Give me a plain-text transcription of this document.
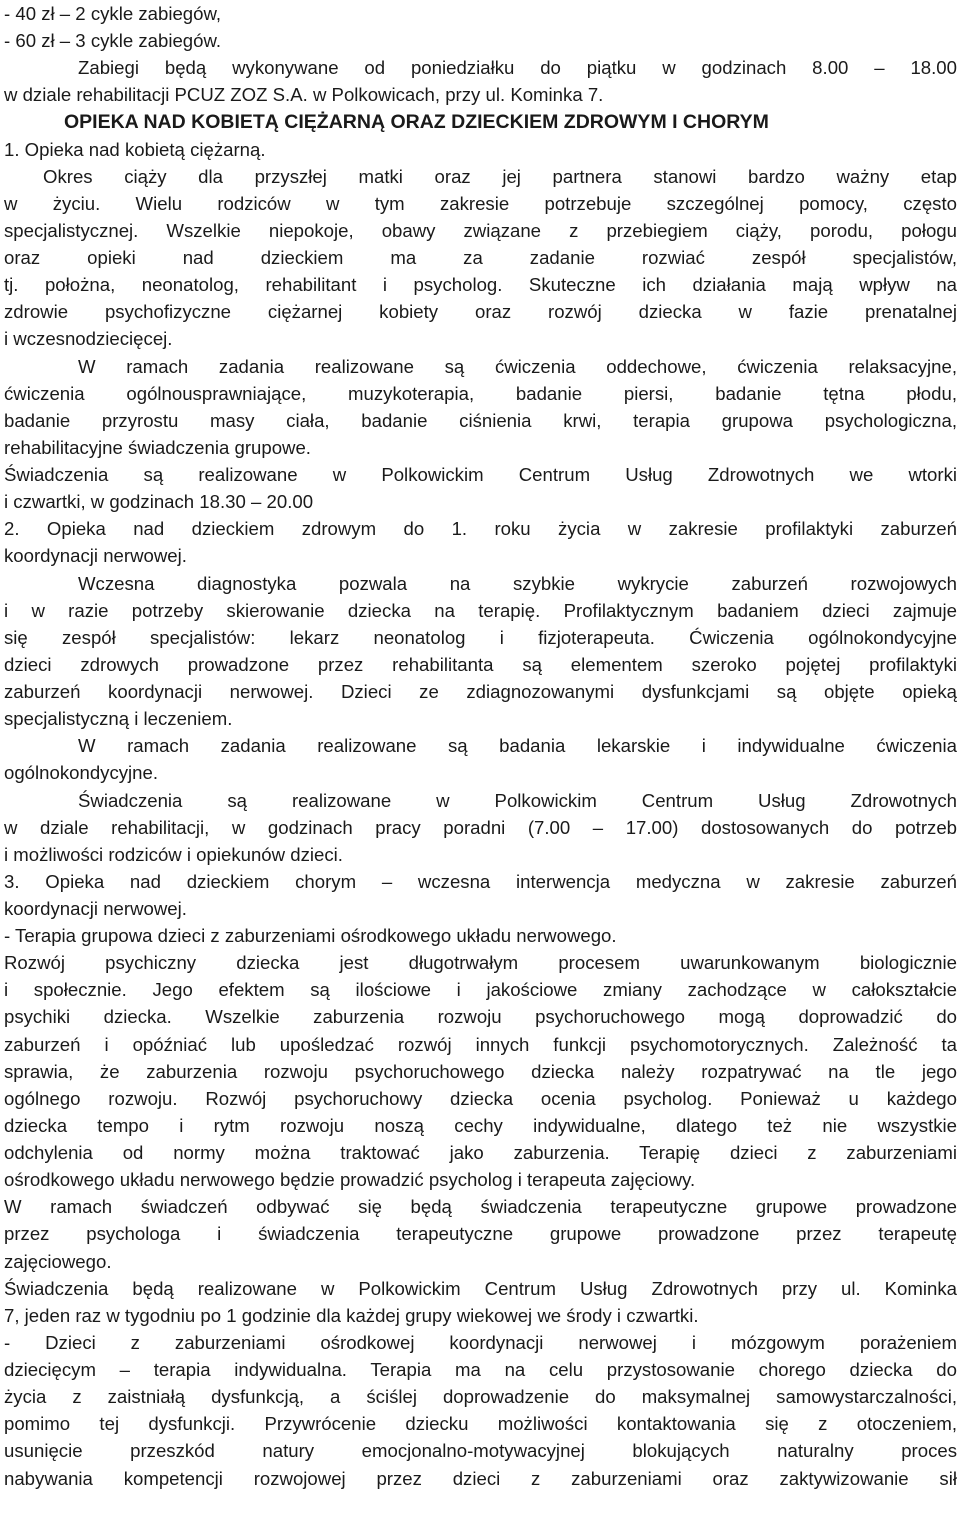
- 40 zł – 2 cykle zabiegów,
- 60 zł – 3 cykle zabiegów.
Zabiegi będą wykonywane od poniedziałku do piątku w godzinach 8.00 – 18.00
w dziale rehabilitacji PCUZ ZOZ S.A. w Polkowicach, przy ul. Kominka 7.
OPIEKA NAD KOBIETĄ CIĘŻARNĄ ORAZ DZIECKIEM ZDROWYM I CHORYM
1. Opieka nad kobietą ciężarną.
Okres ciąży dla przyszłej matki oraz jej partnera stanowi bardzo ważny etap
w życiu. Wielu rodziców w tym zakresie potrzebuje szczególnej pomocy, często
specjalistycznej. Wszelkie niepokoje, obawy związane z przebiegiem ciąży, porodu, połogu
oraz opieki nad dzieckiem ma za zadanie rozwiać zespół specjalistów,
tj. położna, neonatolog, rehabilitant i psycholog. Skuteczne ich działania mają wpływ na
zdrowie psychofizyczne ciężarnej kobiety oraz rozwój dziecka w fazie prenatalnej
i wczesnodziecięcej.
W ramach zadania realizowane są ćwiczenia oddechowe, ćwiczenia relaksacyjne,
ćwiczenia ogólnousprawniające, muzykoterapia, badanie piersi, badanie tętna płodu,
badanie przyrostu masy ciała, badanie ciśnienia krwi, terapia grupowa psychologiczna,
rehabilitacyjne świadczenia grupowe.
Świadczenia są realizowane w Polkowickim Centrum Usług Zdrowotnych we wtorki
i czwartki, w godzinach 18.30 – 20.00
2. Opieka nad dzieckiem zdrowym do 1. roku życia w zakresie profilaktyki zaburzeń
koordynacji nerwowej.
Wczesna diagnostyka pozwala na szybkie wykrycie zaburzeń rozwojowych
i w razie potrzeby skierowanie dziecka na terapię. Profilaktycznym badaniem dzieci zajmuje
się zespół specjalistów: lekarz neonatolog i fizjoterapeuta. Ćwiczenia ogólnokondycyjne
dzieci zdrowych prowadzone przez rehabilitanta są elementem szeroko pojętej profilaktyki
zaburzeń koordynacji nerwowej. Dzieci ze zdiagnozowanymi dysfunkcjami są objęte opieką
specjalistyczną i leczeniem.
W ramach zadania realizowane są badania lekarskie i indywidualne ćwiczenia
ogólnokondycyjne.
Świadczenia są realizowane w Polkowickim Centrum Usług Zdrowotnych
w dziale rehabilitacji, w godzinach pracy poradni (7.00 – 17.00) dostosowanych do potrzeb
i możliwości rodziców i opiekunów dzieci.
3. Opieka nad dzieckiem chorym – wczesna interwencja medyczna w zakresie zaburzeń
koordynacji nerwowej.
- Terapia grupowa dzieci z zaburzeniami ośrodkowego układu nerwowego.
Rozwój psychiczny dziecka jest długotrwałym procesem uwarunkowanym biologicznie
i społecznie. Jego efektem są ilościowe i jakościowe zmiany zachodzące w całokształcie
psychiki dziecka. Wszelkie zaburzenia rozwoju psychoruchowego mogą doprowadzić do
zaburzeń i opóźniać lub upośledzać rozwój innych funkcji psychomotorycznych. Zależność ta
sprawia, że zaburzenia rozwoju psychoruchowego dziecka należy rozpatrywać na tle jego
ogólnego rozwoju. Rozwój psychoruchowy dziecka ocenia psycholog. Ponieważ u każdego
dziecka tempo i rytm rozwoju noszą cechy indywidualne, dlatego też nie wszystkie
odchylenia od normy można traktować jako zaburzenia. Terapię dzieci z zaburzeniami
ośrodkowego układu nerwowego będzie prowadzić psycholog i terapeuta zajęciowy.
W ramach świadczeń odbywać się będą świadczenia terapeutyczne grupowe prowadzone
przez psychologa i świadczenia terapeutyczne grupowe prowadzone przez terapeutę
zajęciowego.
Świadczenia będą realizowane w Polkowickim Centrum Usług Zdrowotnych przy ul. Kominka
7, jeden raz w tygodniu po 1 godzinie dla każdej grupy wiekowej we środy i czwartki.
- Dzieci z zaburzeniami ośrodkowej koordynacji nerwowej i mózgowym porażeniem
dziecięcym – terapia indywidualna. Terapia ma na celu przystosowanie chorego dziecka do
życia z zaistniałą dysfunkcją, a ściślej doprowadzenie do maksymalnej samowystarczalności,
pomimo tej dysfunkcji. Przywrócenie dziecku możliwości kontaktowania się z otoczeniem,
usunięcie przeszkód natury emocjonalno-motywacyjnej blokujących naturalny proces
nabywania kompetencji rozwojowej przez dzieci z zaburzeniami oraz zaktywizowanie sił
